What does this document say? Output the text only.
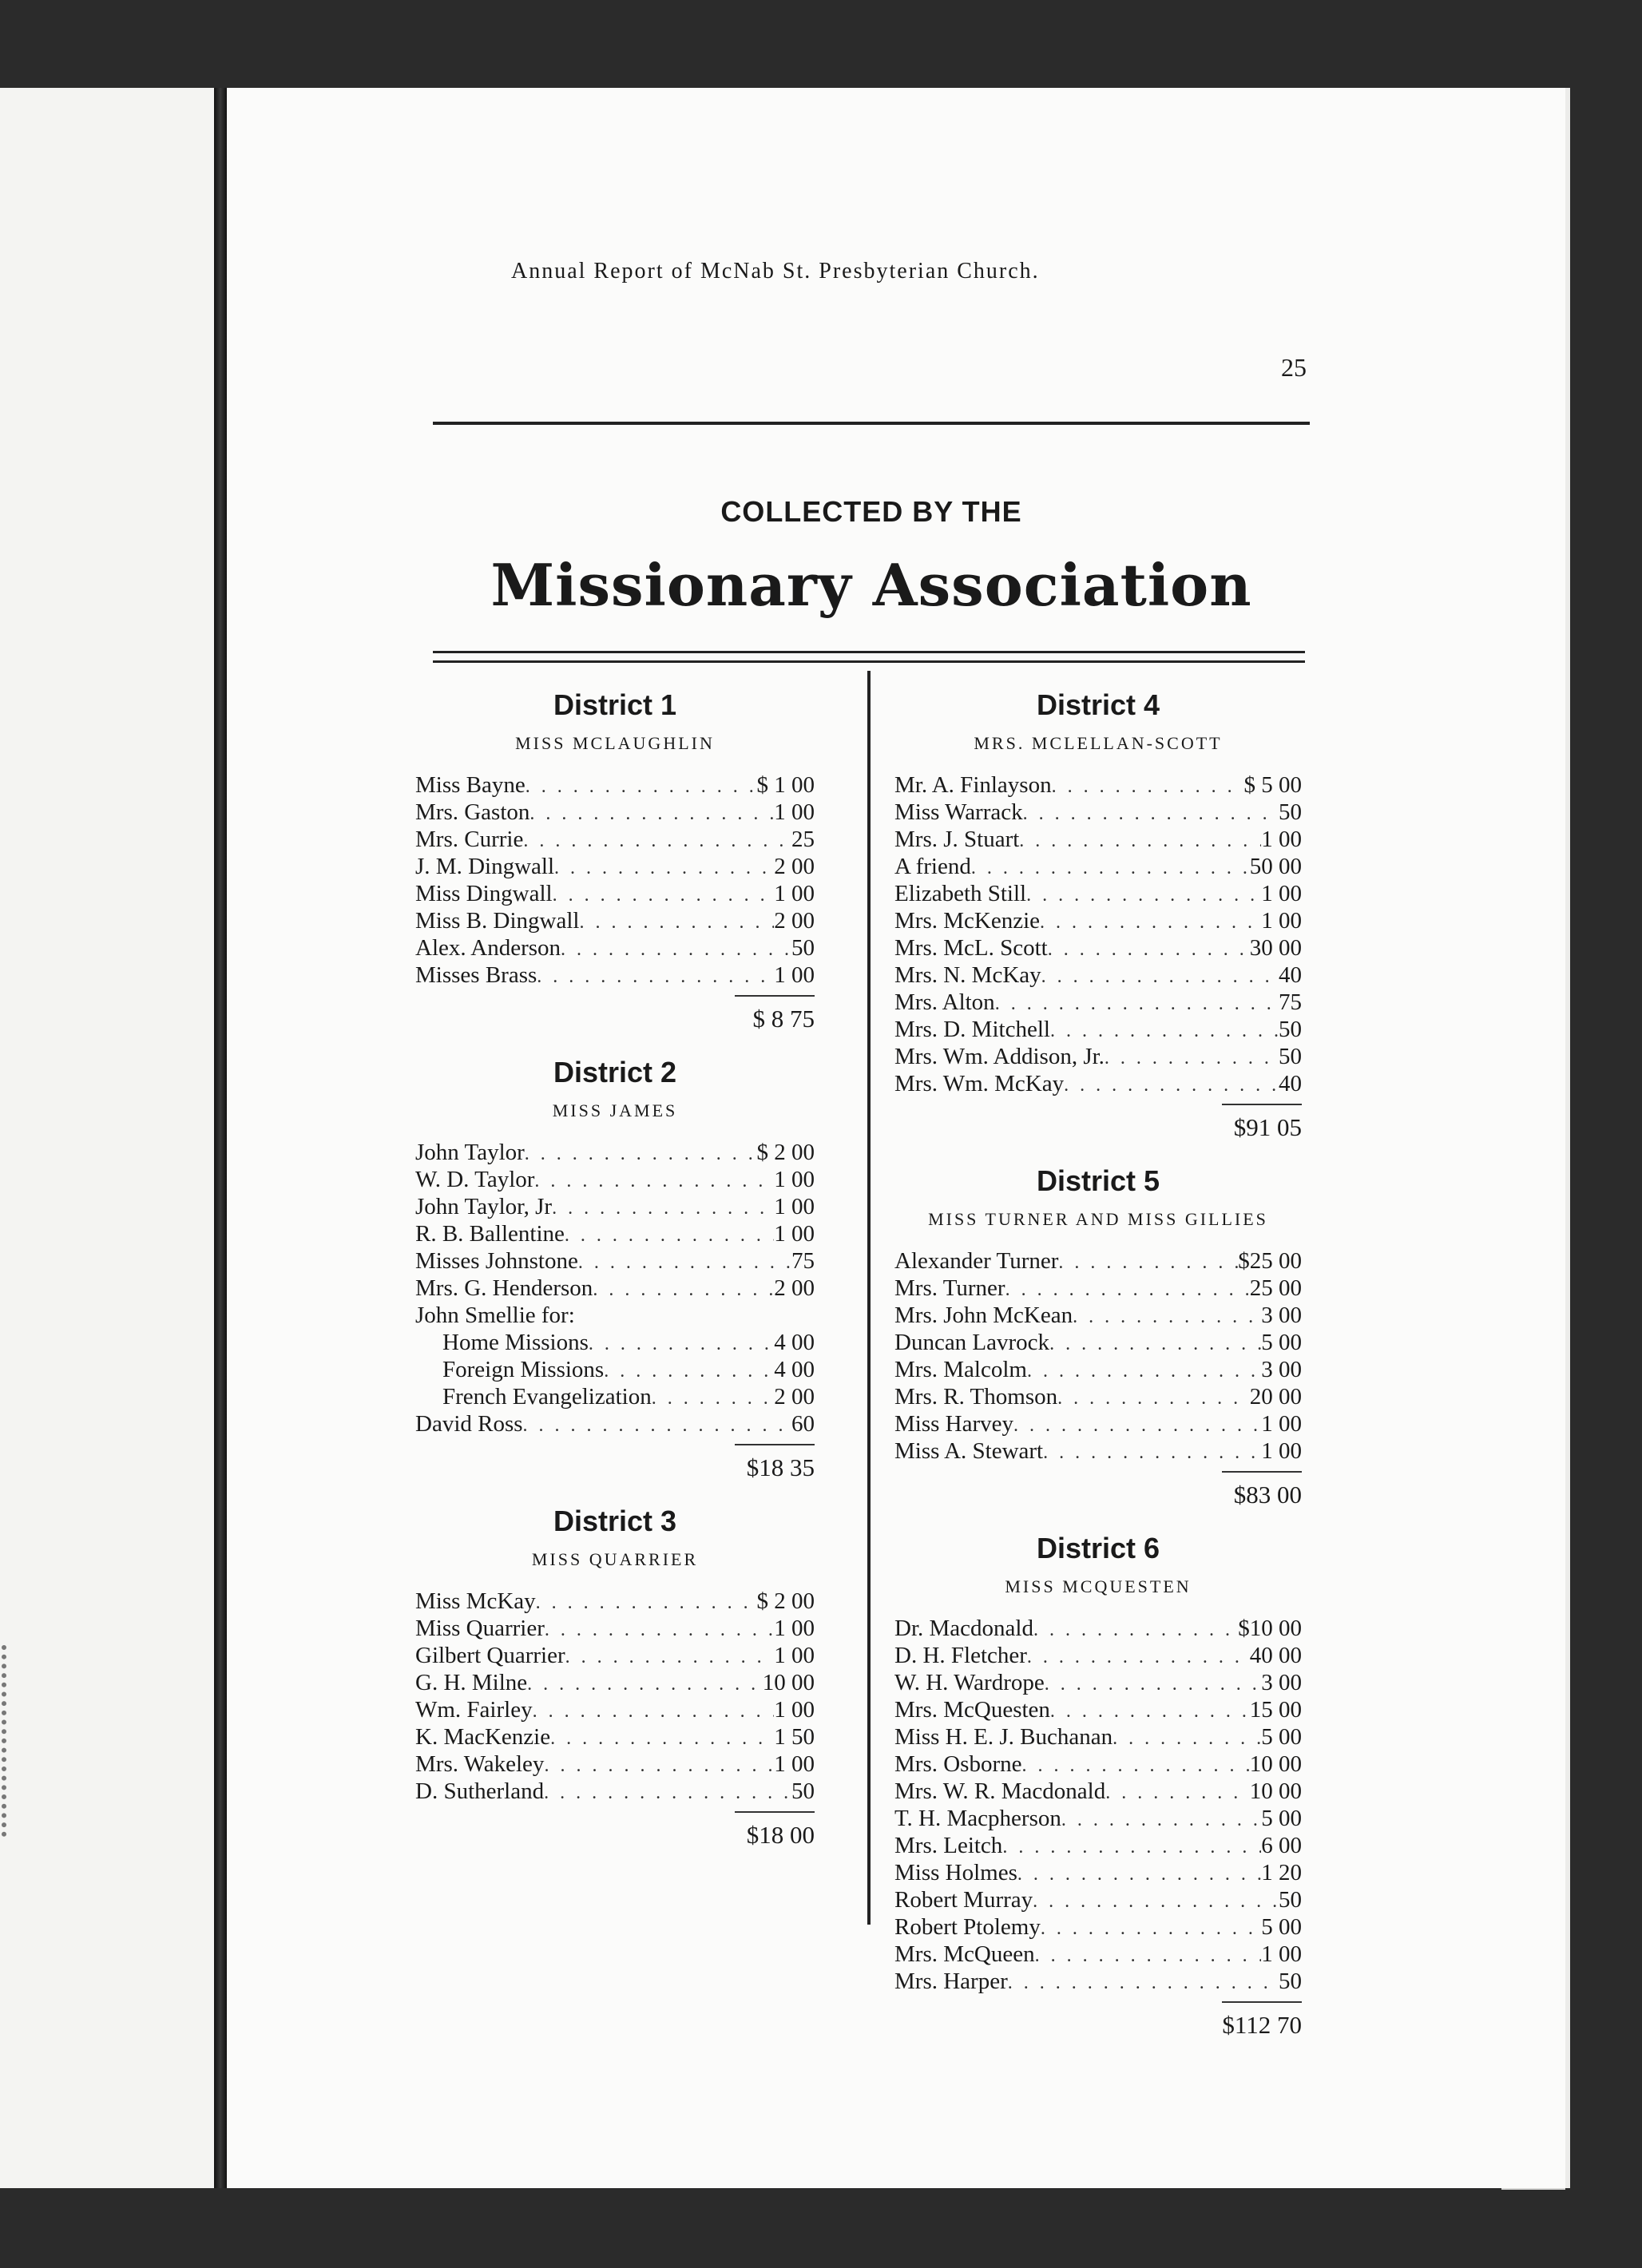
Annual Report of McNab St. Presbyterian Church.
25
COLLECTED BY THE
Missionary Association
District 1
MISS MCLAUGHLIN
Miss Bayne . . .	$ 1 00
Mrs. Gaston . . .	1 00
Mrs. Currie . . .	25
J. M. Dingwall . . .	2 00
Miss Dingwall . . .	1 00
Miss B. Dingwall . . .	2 00
Alex. Anderson . . .	50
Misses Brass . . .	1 00
$ 8 75
District 2
MISS JAMES
John Taylor . . .	$ 2 00
W. D. Taylor . . .	1 00
John Taylor, Jr . . .	1 00
R. B. Ballentine . . .	1 00
Misses Johnstone . . .	75
Mrs. G. Henderson . . .	2 00
John Smellie for:
Home Missions . . .	4 00
Foreign Missions . . .	4 00
French Evangelization . . .	2 00
David Ross . . .	60
$18 35
District 3
MISS QUARRIER
Miss McKay . . .	$ 2 00
Miss Quarrier . . .	1 00
Gilbert Quarrier . . .	1 00
G. H. Milne . . .	10 00
Wm. Fairley . . .	1 00
K. MacKenzie . . .	1 50
Mrs. Wakeley . . .	1 00
D. Sutherland . . .	50
$18 00
District 4
MRS. MCLELLAN-SCOTT
Mr. A. Finlayson . . .	$ 5 00
Miss Warrack . . .	50
Mrs. J. Stuart . . .	1 00
A friend . . .	50 00
Elizabeth Still . . .	1 00
Mrs. McKenzie . . .	1 00
Mrs. McL. Scott . . .	30 00
Mrs. N. McKay . . .	40
Mrs. Alton . . .	75
Mrs. D. Mitchell . . .	50
Mrs. Wm. Addison, Jr. . . .	50
Mrs. Wm. McKay . . .	40
$91 05
District 5
MISS TURNER AND MISS GILLIES
Alexander Turner . . .	$25 00
Mrs. Turner . . .	25 00
Mrs. John McKean . . .	3 00
Duncan Lavrock . . .	5 00
Mrs. Malcolm . . .	3 00
Mrs. R. Thomson . . .	20 00
Miss Harvey . . .	1 00
Miss A. Stewart . . .	1 00
$83 00
District 6
MISS MCQUESTEN
Dr. Macdonald . . .	$10 00
D. H. Fletcher . . .	40 00
W. H. Wardrope . . .	3 00
Mrs. McQuesten . . .	15 00
Miss H. E. J. Buchanan . . .	5 00
Mrs. Osborne . . .	10 00
Mrs. W. R. Macdonald . . .	10 00
T. H. Macpherson . . .	5 00
Mrs. Leitch . . .	6 00
Miss Holmes . . .	1 20
Robert Murray . . .	50
Robert Ptolemy . . .	5 00
Mrs. McQueen . . .	1 00
Mrs. Harper . . .	50
$112 70
